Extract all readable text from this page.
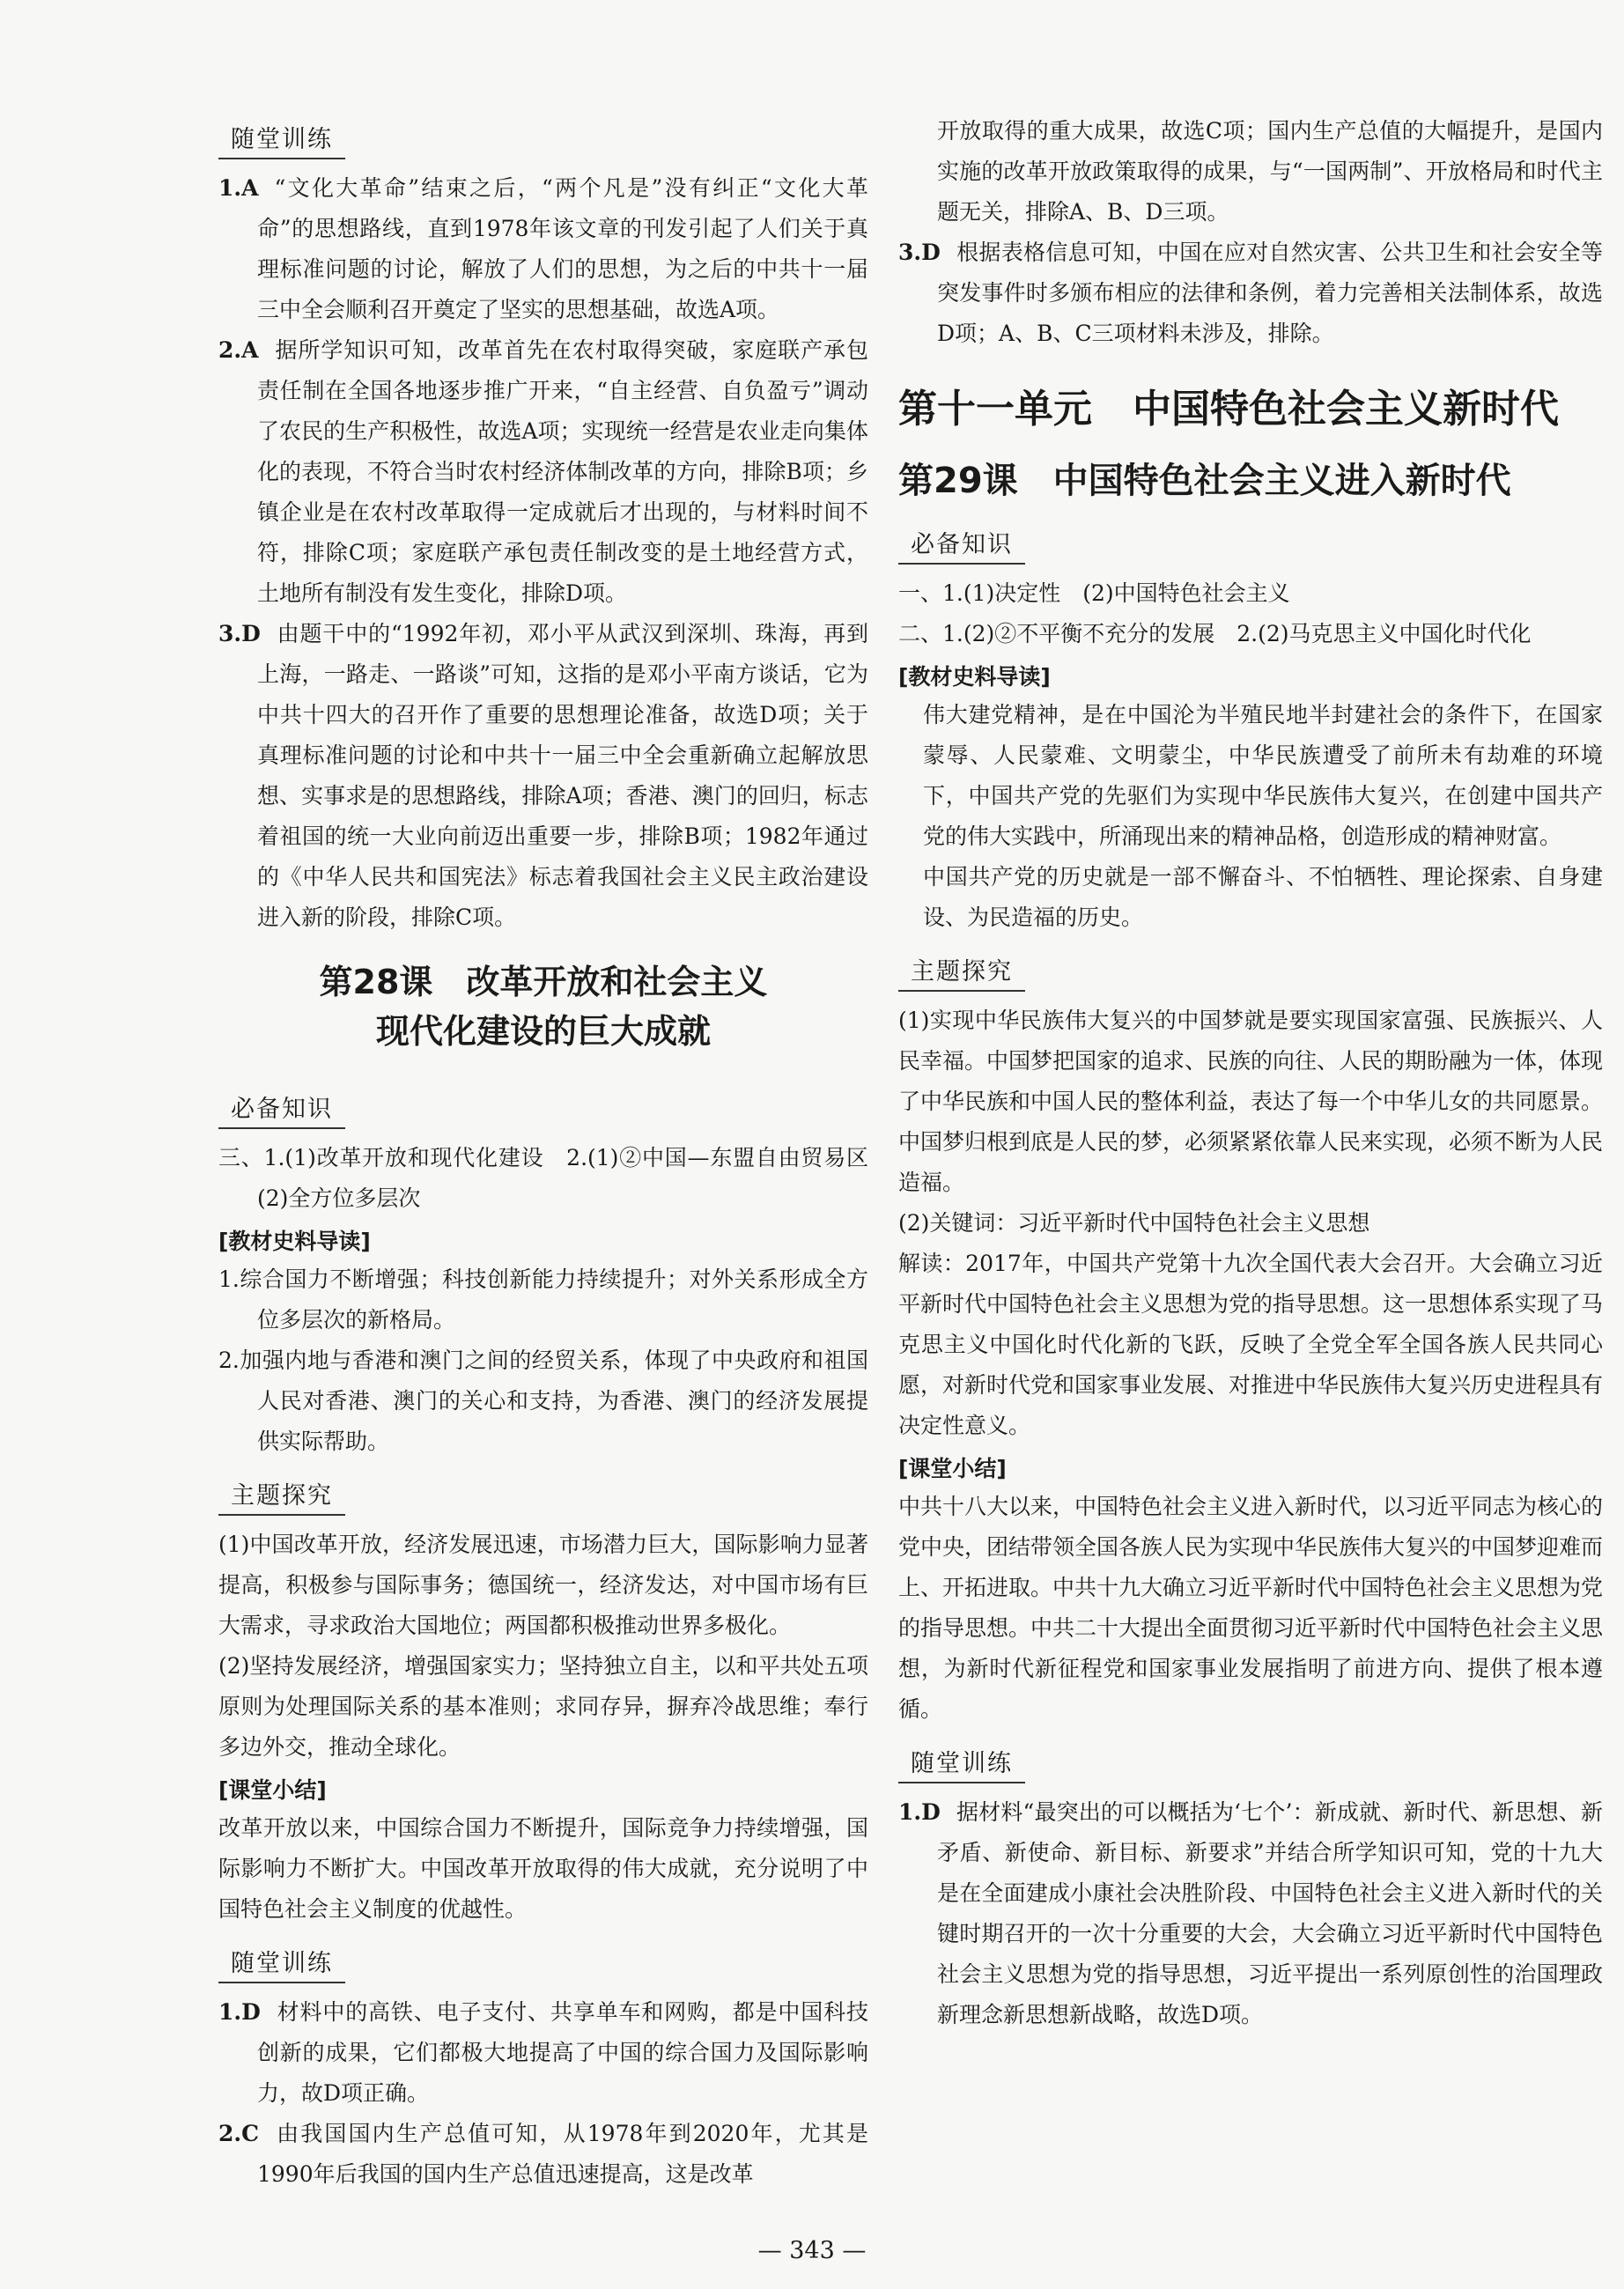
随堂训练

1.A “文化大革命”结束之后，“两个凡是”没有纠正“文化大革命”的思想路线，直到1978年该文章的刊发引起了人们关于真理标准问题的讨论，解放了人们的思想，为之后的中共十一届三中全会顺利召开奠定了坚实的思想基础，故选A项。

2.A 据所学知识可知，改革首先在农村取得突破，家庭联产承包责任制在全国各地逐步推广开来，“自主经营、自负盈亏”调动了农民的生产积极性，故选A项；实现统一经营是农业走向集体化的表现，不符合当时农村经济体制改革的方向，排除B项；乡镇企业是在农村改革取得一定成就后才出现的，与材料时间不符，排除C项；家庭联产承包责任制改变的是土地经营方式，土地所有制没有发生变化，排除D项。

3.D 由题干中的“1992年初，邓小平从武汉到深圳、珠海，再到上海，一路走、一路谈”可知，这指的是邓小平南方谈话，它为中共十四大的召开作了重要的思想理论准备，故选D项；关于真理标准问题的讨论和中共十一届三中全会重新确立起解放思想、实事求是的思想路线，排除A项；香港、澳门的回归，标志着祖国的统一大业向前迈出重要一步，排除B项；1982年通过的《中华人民共和国宪法》标志着我国社会主义民主政治建设进入新的阶段，排除C项。

第28课　改革开放和社会主义
现代化建设的巨大成就
必备知识

三、1.(1)改革开放和现代化建设　2.(1)②中国—东盟自由贸易区　(2)全方位多层次

[教材史料导读]

1.综合国力不断增强；科技创新能力持续提升；对外关系形成全方位多层次的新格局。

2.加强内地与香港和澳门之间的经贸关系，体现了中央政府和祖国人民对香港、澳门的关心和支持，为香港、澳门的经济发展提供实际帮助。

主题探究

(1)中国改革开放，经济发展迅速，市场潜力巨大，国际影响力显著提高，积极参与国际事务；德国统一，经济发达，对中国市场有巨大需求，寻求政治大国地位；两国都积极推动世界多极化。

(2)坚持发展经济，增强国家实力；坚持独立自主，以和平共处五项原则为处理国际关系的基本准则；求同存异，摒弃冷战思维；奉行多边外交，推动全球化。

[课堂小结]

改革开放以来，中国综合国力不断提升，国际竞争力持续增强，国际影响力不断扩大。中国改革开放取得的伟大成就，充分说明了中国特色社会主义制度的优越性。

随堂训练

1.D 材料中的高铁、电子支付、共享单车和网购，都是中国科技创新的成果，它们都极大地提高了中国的综合国力及国际影响力，故D项正确。

2.C 由我国国内生产总值可知，从1978年到2020年，尤其是1990年后我国的国内生产总值迅速提高，这是改革

开放取得的重大成果，故选C项；国内生产总值的大幅提升，是国内实施的改革开放政策取得的成果，与“一国两制”、开放格局和时代主题无关，排除A、B、D三项。

3.D 根据表格信息可知，中国在应对自然灾害、公共卫生和社会安全等突发事件时多颁布相应的法律和条例，着力完善相关法制体系，故选D项；A、B、C三项材料未涉及，排除。

第十一单元 中国特色社会主义新时代
第29课　中国特色社会主义进入新时代
必备知识

一、1.(1)决定性　(2)中国特色社会主义

二、1.(2)②不平衡不充分的发展　2.(2)马克思主义中国化时代化

[教材史料导读]

伟大建党精神，是在中国沦为半殖民地半封建社会的条件下，在国家蒙辱、人民蒙难、文明蒙尘，中华民族遭受了前所未有劫难的环境下，中国共产党的先驱们为实现中华民族伟大复兴，在创建中国共产党的伟大实践中，所涌现出来的精神品格，创造形成的精神财富。

中国共产党的历史就是一部不懈奋斗、不怕牺牲、理论探索、自身建设、为民造福的历史。

主题探究

(1)实现中华民族伟大复兴的中国梦就是要实现国家富强、民族振兴、人民幸福。中国梦把国家的追求、民族的向往、人民的期盼融为一体，体现了中华民族和中国人民的整体利益，表达了每一个中华儿女的共同愿景。中国梦归根到底是人民的梦，必须紧紧依靠人民来实现，必须不断为人民造福。

(2)关键词：习近平新时代中国特色社会主义思想

解读：2017年，中国共产党第十九次全国代表大会召开。大会确立习近平新时代中国特色社会主义思想为党的指导思想。这一思想体系实现了马克思主义中国化时代化新的飞跃，反映了全党全军全国各族人民共同心愿，对新时代党和国家事业发展、对推进中华民族伟大复兴历史进程具有决定性意义。

[课堂小结]

中共十八大以来，中国特色社会主义进入新时代，以习近平同志为核心的党中央，团结带领全国各族人民为实现中华民族伟大复兴的中国梦迎难而上、开拓进取。中共十九大确立习近平新时代中国特色社会主义思想为党的指导思想。中共二十大提出全面贯彻习近平新时代中国特色社会主义思想，为新时代新征程党和国家事业发展指明了前进方向、提供了根本遵循。

随堂训练

1.D 据材料“最突出的可以概括为‘七个’：新成就、新时代、新思想、新矛盾、新使命、新目标、新要求”并结合所学知识可知，党的十九大是在全面建成小康社会决胜阶段、中国特色社会主义进入新时代的关键时期召开的一次十分重要的大会，大会确立习近平新时代中国特色社会主义思想为党的指导思想，习近平提出一系列原创性的治国理政新理念新思想新战略，故选D项。

— 343 —
